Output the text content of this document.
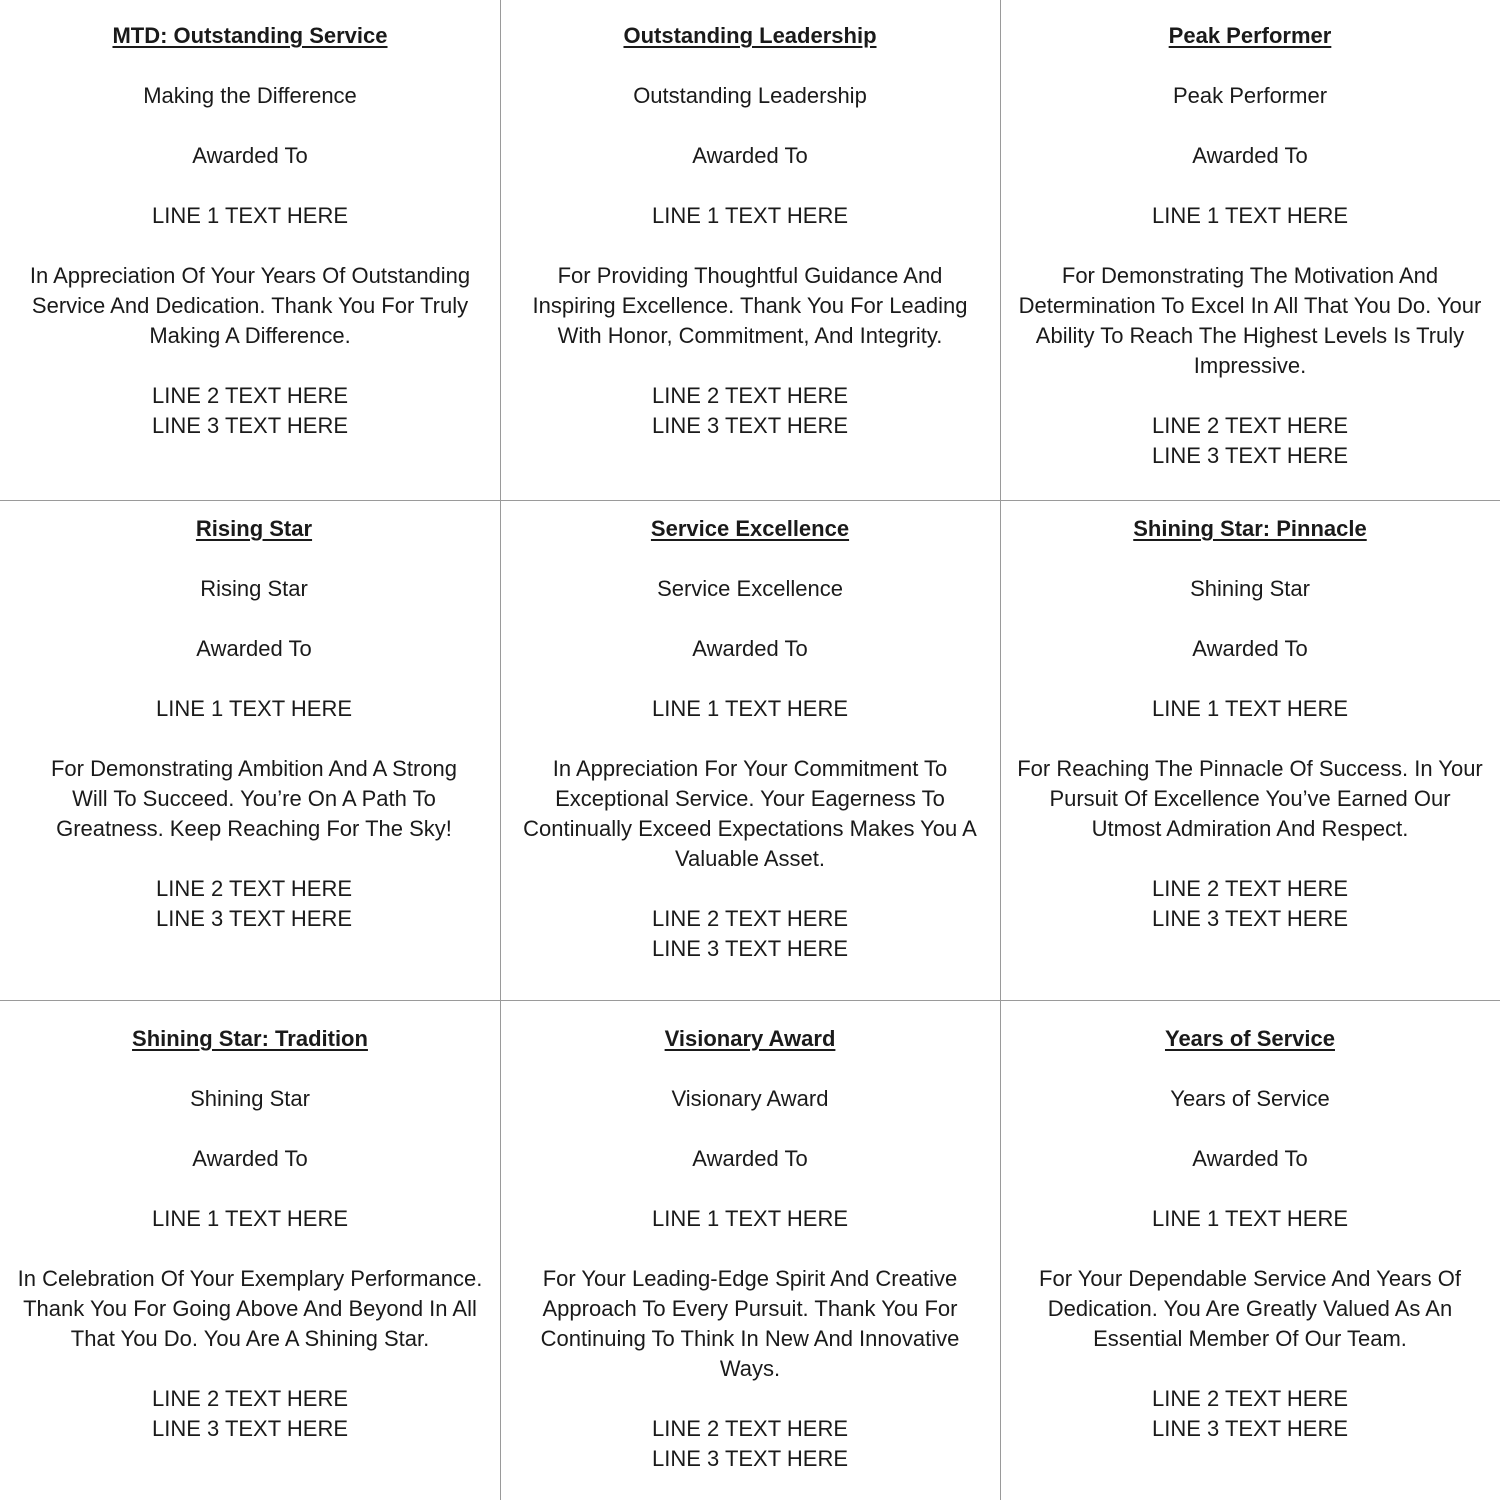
MTD: Outstanding Service

Making the Difference

Awarded To

LINE 1 TEXT HERE

In Appreciation Of Your Years Of Outstanding

Service And Dedication. Thank You For Truly

Making A Difference.

LINE 2 TEXT HERE

LINE 3 TEXT HERE

Outstanding Leadership

Outstanding Leadership

Awarded To

LINE 1 TEXT HERE

For Providing Thoughtful Guidance And

Inspiring Excellence. Thank You For Leading

With Honor, Commitment, And Integrity.

LINE 2 TEXT HERE

LINE 3 TEXT HERE

Peak Performer

Peak Performer

Awarded To

LINE 1 TEXT HERE

For Demonstrating The Motivation And

Determination To Excel In All That You Do. Your

Ability To Reach The Highest Levels Is Truly

Impressive.

LINE 2 TEXT HERE

LINE 3 TEXT HERE

Rising Star

Rising Star

Awarded To

LINE 1 TEXT HERE

For Demonstrating Ambition And A Strong

Will To Succeed. You’re On A Path To

Greatness. Keep Reaching For The Sky!

LINE 2 TEXT HERE

LINE 3 TEXT HERE

Service Excellence

Service Excellence

Awarded To

LINE 1 TEXT HERE

In Appreciation For Your Commitment To

Exceptional Service. Your Eagerness To

Continually Exceed Expectations Makes You A

Valuable Asset.

LINE 2 TEXT HERE

LINE 3 TEXT HERE

Shining Star: Pinnacle

Shining Star

Awarded To

LINE 1 TEXT HERE

For Reaching The Pinnacle Of Success. In Your

Pursuit Of Excellence You’ve Earned Our

Utmost Admiration And Respect.

LINE 2 TEXT HERE

LINE 3 TEXT HERE

Shining Star: Tradition

Shining Star

Awarded To

LINE 1 TEXT HERE

In Celebration Of Your Exemplary Performance.

Thank You For Going Above And Beyond In All

That You Do. You Are A Shining Star.

LINE 2 TEXT HERE

LINE 3 TEXT HERE

Visionary Award

Visionary Award

Awarded To

LINE 1 TEXT HERE

For Your Leading-Edge Spirit And Creative

Approach To Every Pursuit. Thank You For

Continuing To Think In New And Innovative

Ways.

LINE 2 TEXT HERE

LINE 3 TEXT HERE

Years of Service

Years of Service

Awarded To

LINE 1 TEXT HERE

For Your Dependable Service And Years Of

Dedication. You Are Greatly Valued As An

Essential Member Of Our Team.

LINE 2 TEXT HERE

LINE 3 TEXT HERE
